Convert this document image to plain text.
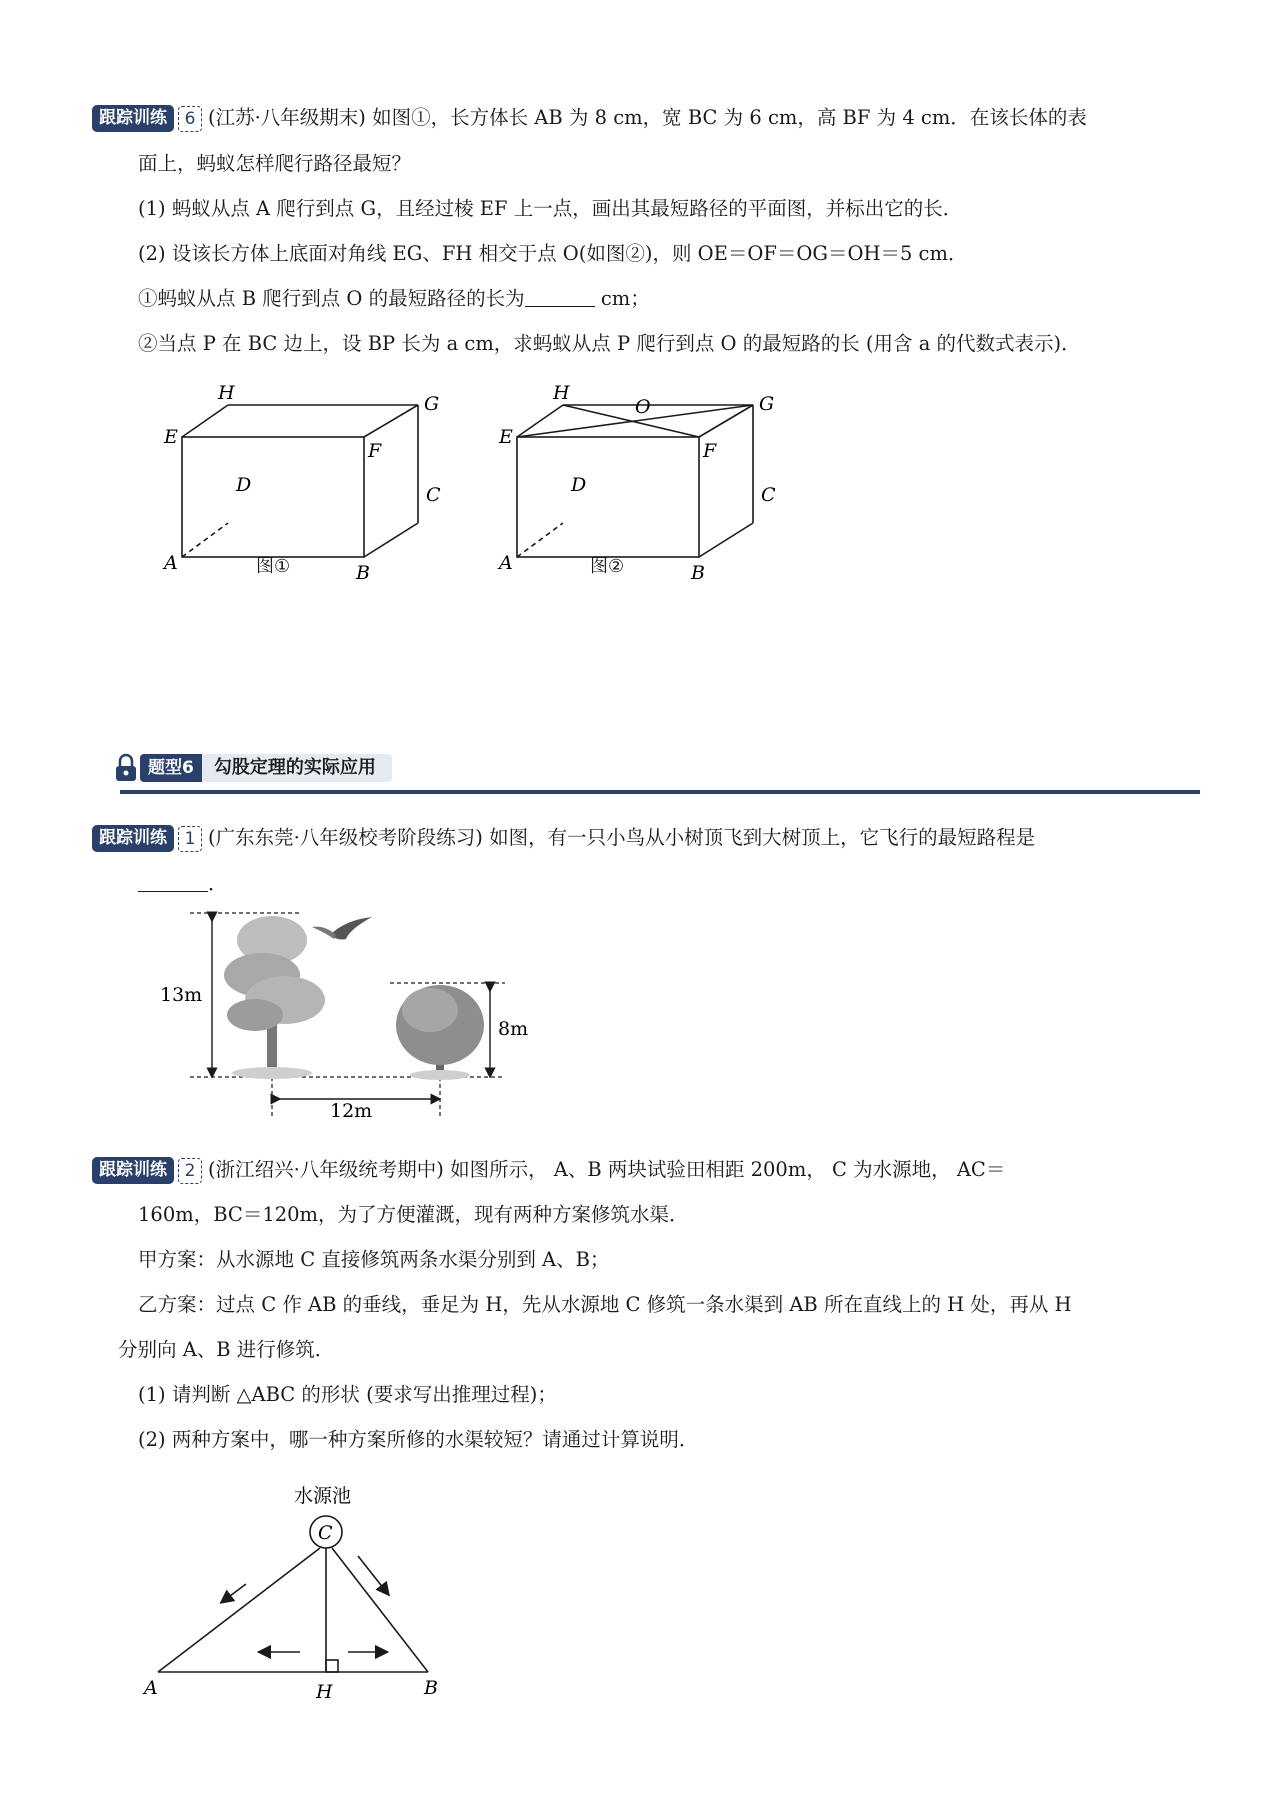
跟踪训练 6 (江苏·八年级期末) 如图①，长方体长 AB 为 8 cm，宽 BC 为 6 cm，高 BF 为 4 cm．在该长体的表
面上，蚂蚁怎样爬行路径最短？
(1) 蚂蚁从点 A 爬行到点 G，且经过棱 EF 上一点，画出其最短路径的平面图，并标出它的长．
(2) 设该长方体上底面对角线 EG、FH 相交于点 O(如图②)，则 OE＝OF＝OG＝OH＝5 cm．
①蚂蚁从点 B 爬行到点 O 的最短路径的长为	cm；
②当点 P 在 BC 边上，设 BP 长为 a cm，求蚂蚁从点 P 爬行到点 O 的最短路的长 (用含 a 的代数式表示)．
H	G
E
F
D	C
A	B
图①
H	G
E
F
D	C
A	B
O
图②
题型6	勾股定理的实际应用
跟踪训练 1 (广东东莞·八年级校考阶段练习) 如图，有一只小鸟从小树顶飞到大树顶上，它飞行的最短路程是
．
13m
8m
12m
跟踪训练 2 (浙江绍兴·八年级统考期中) 如图所示， A、B 两块试验田相距 200m， C 为水源地， AC＝
160m，BC＝120m，为了方便灌溉，现有两种方案修筑水渠．
甲方案：从水源地 C 直接修筑两条水渠分别到 A、B；
乙方案：过点 C 作 AB 的垂线，垂足为 H，先从水源地 C 修筑一条水渠到 AB 所在直线上的 H 处，再从 H
分别向 A、B 进行修筑．
(1) 请判断 △ABC 的形状 (要求写出推理过程)；
(2) 两种方案中，哪一种方案所修的水渠较短？请通过计算说明．
水源池
C
A	H	B
